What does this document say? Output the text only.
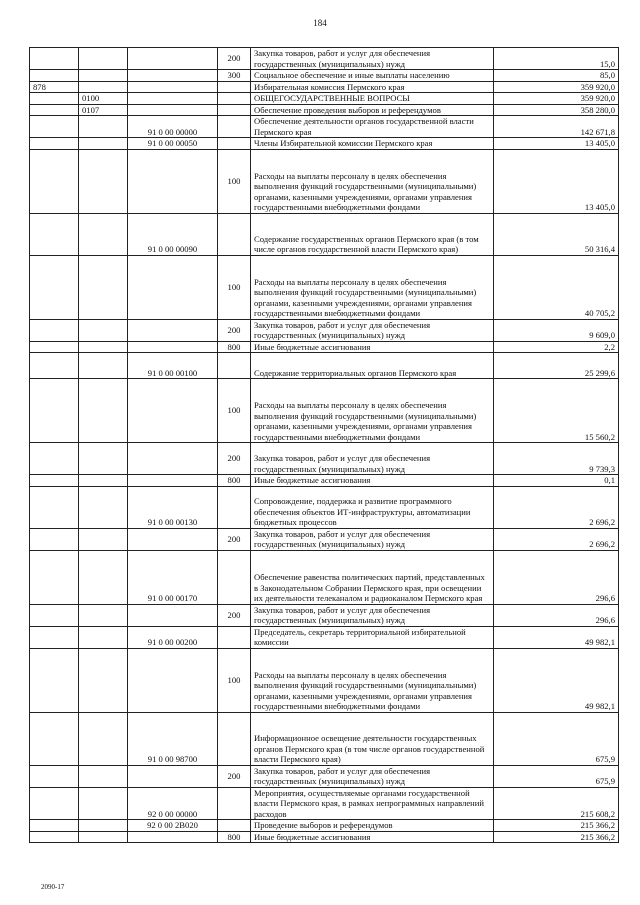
184
			200	Закупка товаров, работ и услуг для обеспечения государственных (муниципальных) нужд	15,0
			300	Социальное обеспечение и иные выплаты населению	85,0
878				Избирательная комиссия Пермского края	359 920,0
	0100			ОБЩЕГОСУДАРСТВЕННЫЕ ВОПРОСЫ	359 920,0
	0107			Обеспечение проведения выборов и референдумов	358 280,0
		91 0 00 00000		Обеспечение деятельности органов государственной власти Пермского края	142 671,8
		91 0 00 00050		Члены Избирательной комиссии Пермского края	13 405,0
			100	Расходы на выплаты персоналу в целях обеспечения выполнения функций государственными (муниципальными) органами, казенными учреждениями, органами управления государственными внебюджетными фондами	13 405,0
		91 0 00 00090		Содержание государственных органов Пермского края (в том числе органов государственной власти Пермского края)	50 316,4
			100	Расходы на выплаты персоналу в целях обеспечения выполнения функций государственными (муниципальными) органами, казенными учреждениями, органами управления государственными внебюджетными фондами	40 705,2
			200	Закупка товаров, работ и услуг для обеспечения государственных (муниципальных) нужд	9 609,0
			800	Иные бюджетные ассигнования	2,2
		91 0 00 00100		Содержание территориальных органов Пермского края	25 299,6
			100	Расходы на выплаты персоналу в целях обеспечения выполнения функций государственными (муниципальными) органами, казенными учреждениями, органами управления государственными внебюджетными фондами	15 560,2
			200	Закупка товаров, работ и услуг для обеспечения государственных (муниципальных) нужд	9 739,3
			800	Иные бюджетные ассигнования	0,1
		91 0 00 00130		Сопровождение, поддержка и развитие программного обеспечения объектов ИТ-инфраструктуры, автоматизации бюджетных процессов	2 696,2
			200	Закупка товаров, работ и услуг для обеспечения государственных (муниципальных) нужд	2 696,2
		91 0 00 00170		Обеспечение равенства политических партий, представленных в Законодательном Собрании Пермского края, при освещении их деятельности телеканалом и радиоканалом Пермского края	296,6
			200	Закупка товаров, работ и услуг для обеспечения государственных (муниципальных) нужд	296,6
		91 0 00 00200		Председатель, секретарь территориальной избирательной комиссии	49 982,1
			100	Расходы на выплаты персоналу в целях обеспечения выполнения функций государственными (муниципальными) органами, казенными учреждениями, органами управления государственными внебюджетными фондами	49 982,1
		91 0 00 98700		Информационное освещение деятельности государственных органов Пермского края (в том числе органов государственной власти Пермского края)	675,9
			200	Закупка товаров, работ и услуг для обеспечения государственных (муниципальных) нужд	675,9
		92 0 00 00000		Мероприятия, осуществляемые органами государственной власти Пермского края, в рамках непрограммных направлений расходов	215 608,2
		92 0 00 2В020		Проведение выборов и референдумов	215 366,2
			800	Иные бюджетные ассигнования	215 366,2
2090-17
